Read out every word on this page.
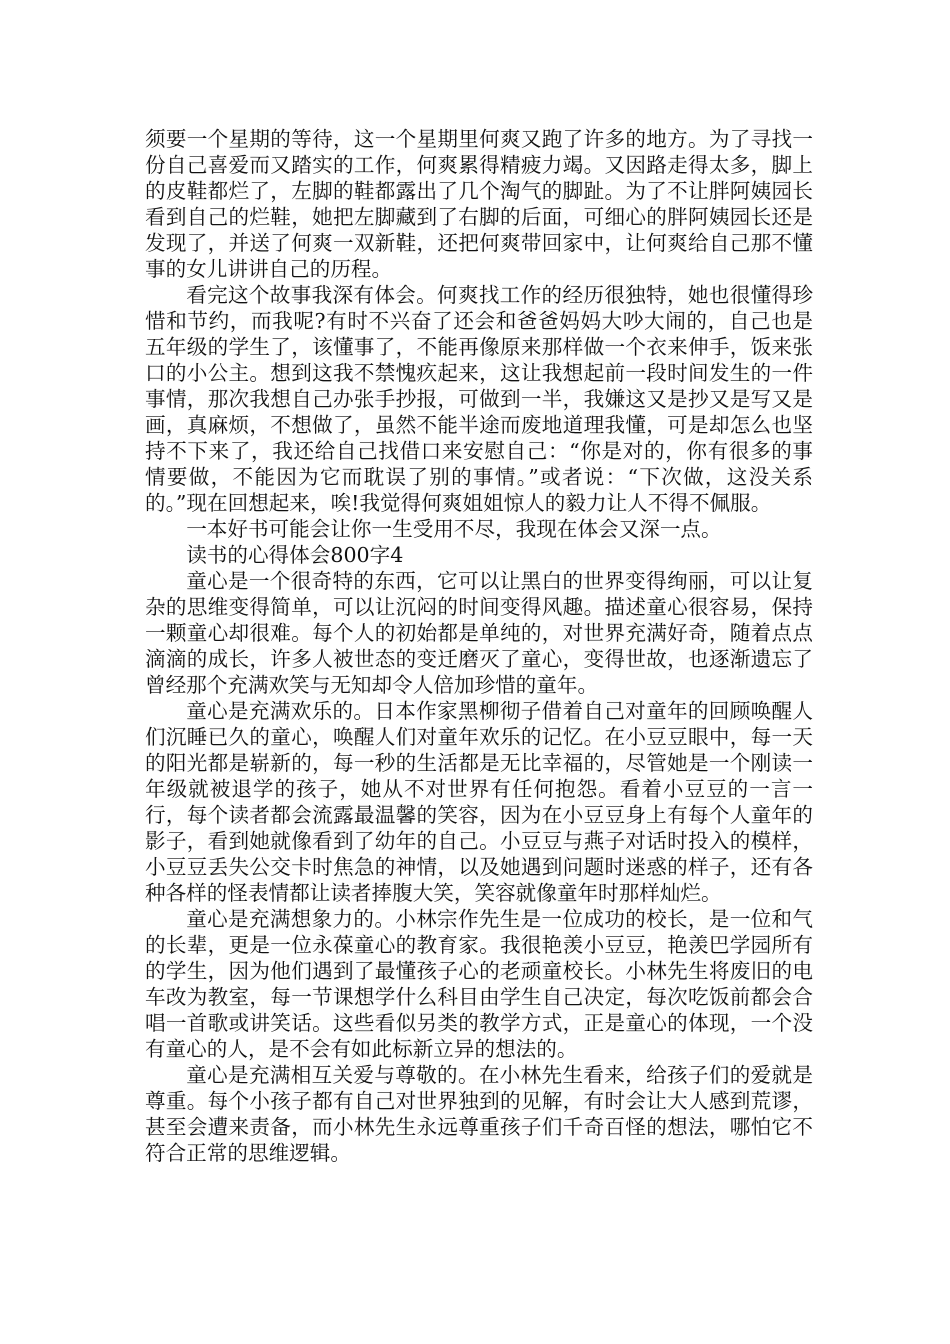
须要一个星期的等待，这一个星期里何爽又跑了许多的地方。为了寻找一份自己喜爱而又踏实的工作，何爽累得精疲力竭。又因路走得太多，脚上的皮鞋都烂了，左脚的鞋都露出了几个淘气的脚趾。为了不让胖阿姨园长看到自己的烂鞋，她把左脚藏到了右脚的后面，可细心的胖阿姨园长还是发现了，并送了何爽一双新鞋，还把何爽带回家中，让何爽给自己那不懂事的女儿讲讲自己的历程。

看完这个故事我深有体会。何爽找工作的经历很独特，她也很懂得珍惜和节约，而我呢?有时不兴奋了还会和爸爸妈妈大吵大闹的，自己也是五年级的学生了，该懂事了，不能再像原来那样做一个衣来伸手，饭来张口的小公主。想到这我不禁愧疚起来，这让我想起前一段时间发生的一件事情，那次我想自己办张手抄报，可做到一半，我嫌这又是抄又是写又是画，真麻烦，不想做了，虽然不能半途而废地道理我懂，可是却怎么也坚持不下来了，我还给自己找借口来安慰自己：“你是对的，你有很多的事情要做，不能因为它而耽误了别的事情。”或者说：“下次做，这没关系的。”现在回想起来，唉!我觉得何爽姐姐惊人的毅力让人不得不佩服。

一本好书可能会让你一生受用不尽，我现在体会又深一点。

读书的心得体会800字4

童心是一个很奇特的东西，它可以让黑白的世界变得绚丽，可以让复杂的思维变得简单，可以让沉闷的时间变得风趣。描述童心很容易，保持一颗童心却很难。每个人的初始都是单纯的，对世界充满好奇，随着点点滴滴的成长，许多人被世态的变迁磨灭了童心，变得世故，也逐渐遗忘了曾经那个充满欢笑与无知却令人倍加珍惜的童年。

童心是充满欢乐的。日本作家黑柳彻子借着自己对童年的回顾唤醒人们沉睡已久的童心，唤醒人们对童年欢乐的记忆。在小豆豆眼中，每一天的阳光都是崭新的，每一秒的生活都是无比幸福的，尽管她是一个刚读一年级就被退学的孩子，她从不对世界有任何抱怨。看着小豆豆的一言一行，每个读者都会流露最温馨的笑容，因为在小豆豆身上有每个人童年的影子，看到她就像看到了幼年的自己。小豆豆与燕子对话时投入的模样，小豆豆丢失公交卡时焦急的神情，以及她遇到问题时迷惑的样子，还有各种各样的怪表情都让读者捧腹大笑，笑容就像童年时那样灿烂。

童心是充满想象力的。小林宗作先生是一位成功的校长，是一位和气的长辈，更是一位永葆童心的教育家。我很艳羡小豆豆，艳羡巴学园所有的学生，因为他们遇到了最懂孩子心的老顽童校长。小林先生将废旧的电车改为教室，每一节课想学什么科目由学生自己决定，每次吃饭前都会合唱一首歌或讲笑话。这些看似另类的教学方式，正是童心的体现，一个没有童心的人，是不会有如此标新立异的想法的。

童心是充满相互关爱与尊敬的。在小林先生看来，给孩子们的爱就是尊重。每个小孩子都有自己对世界独到的见解，有时会让大人感到荒谬，甚至会遭来责备，而小林先生永远尊重孩子们千奇百怪的想法，哪怕它不符合正常的思维逻辑。
